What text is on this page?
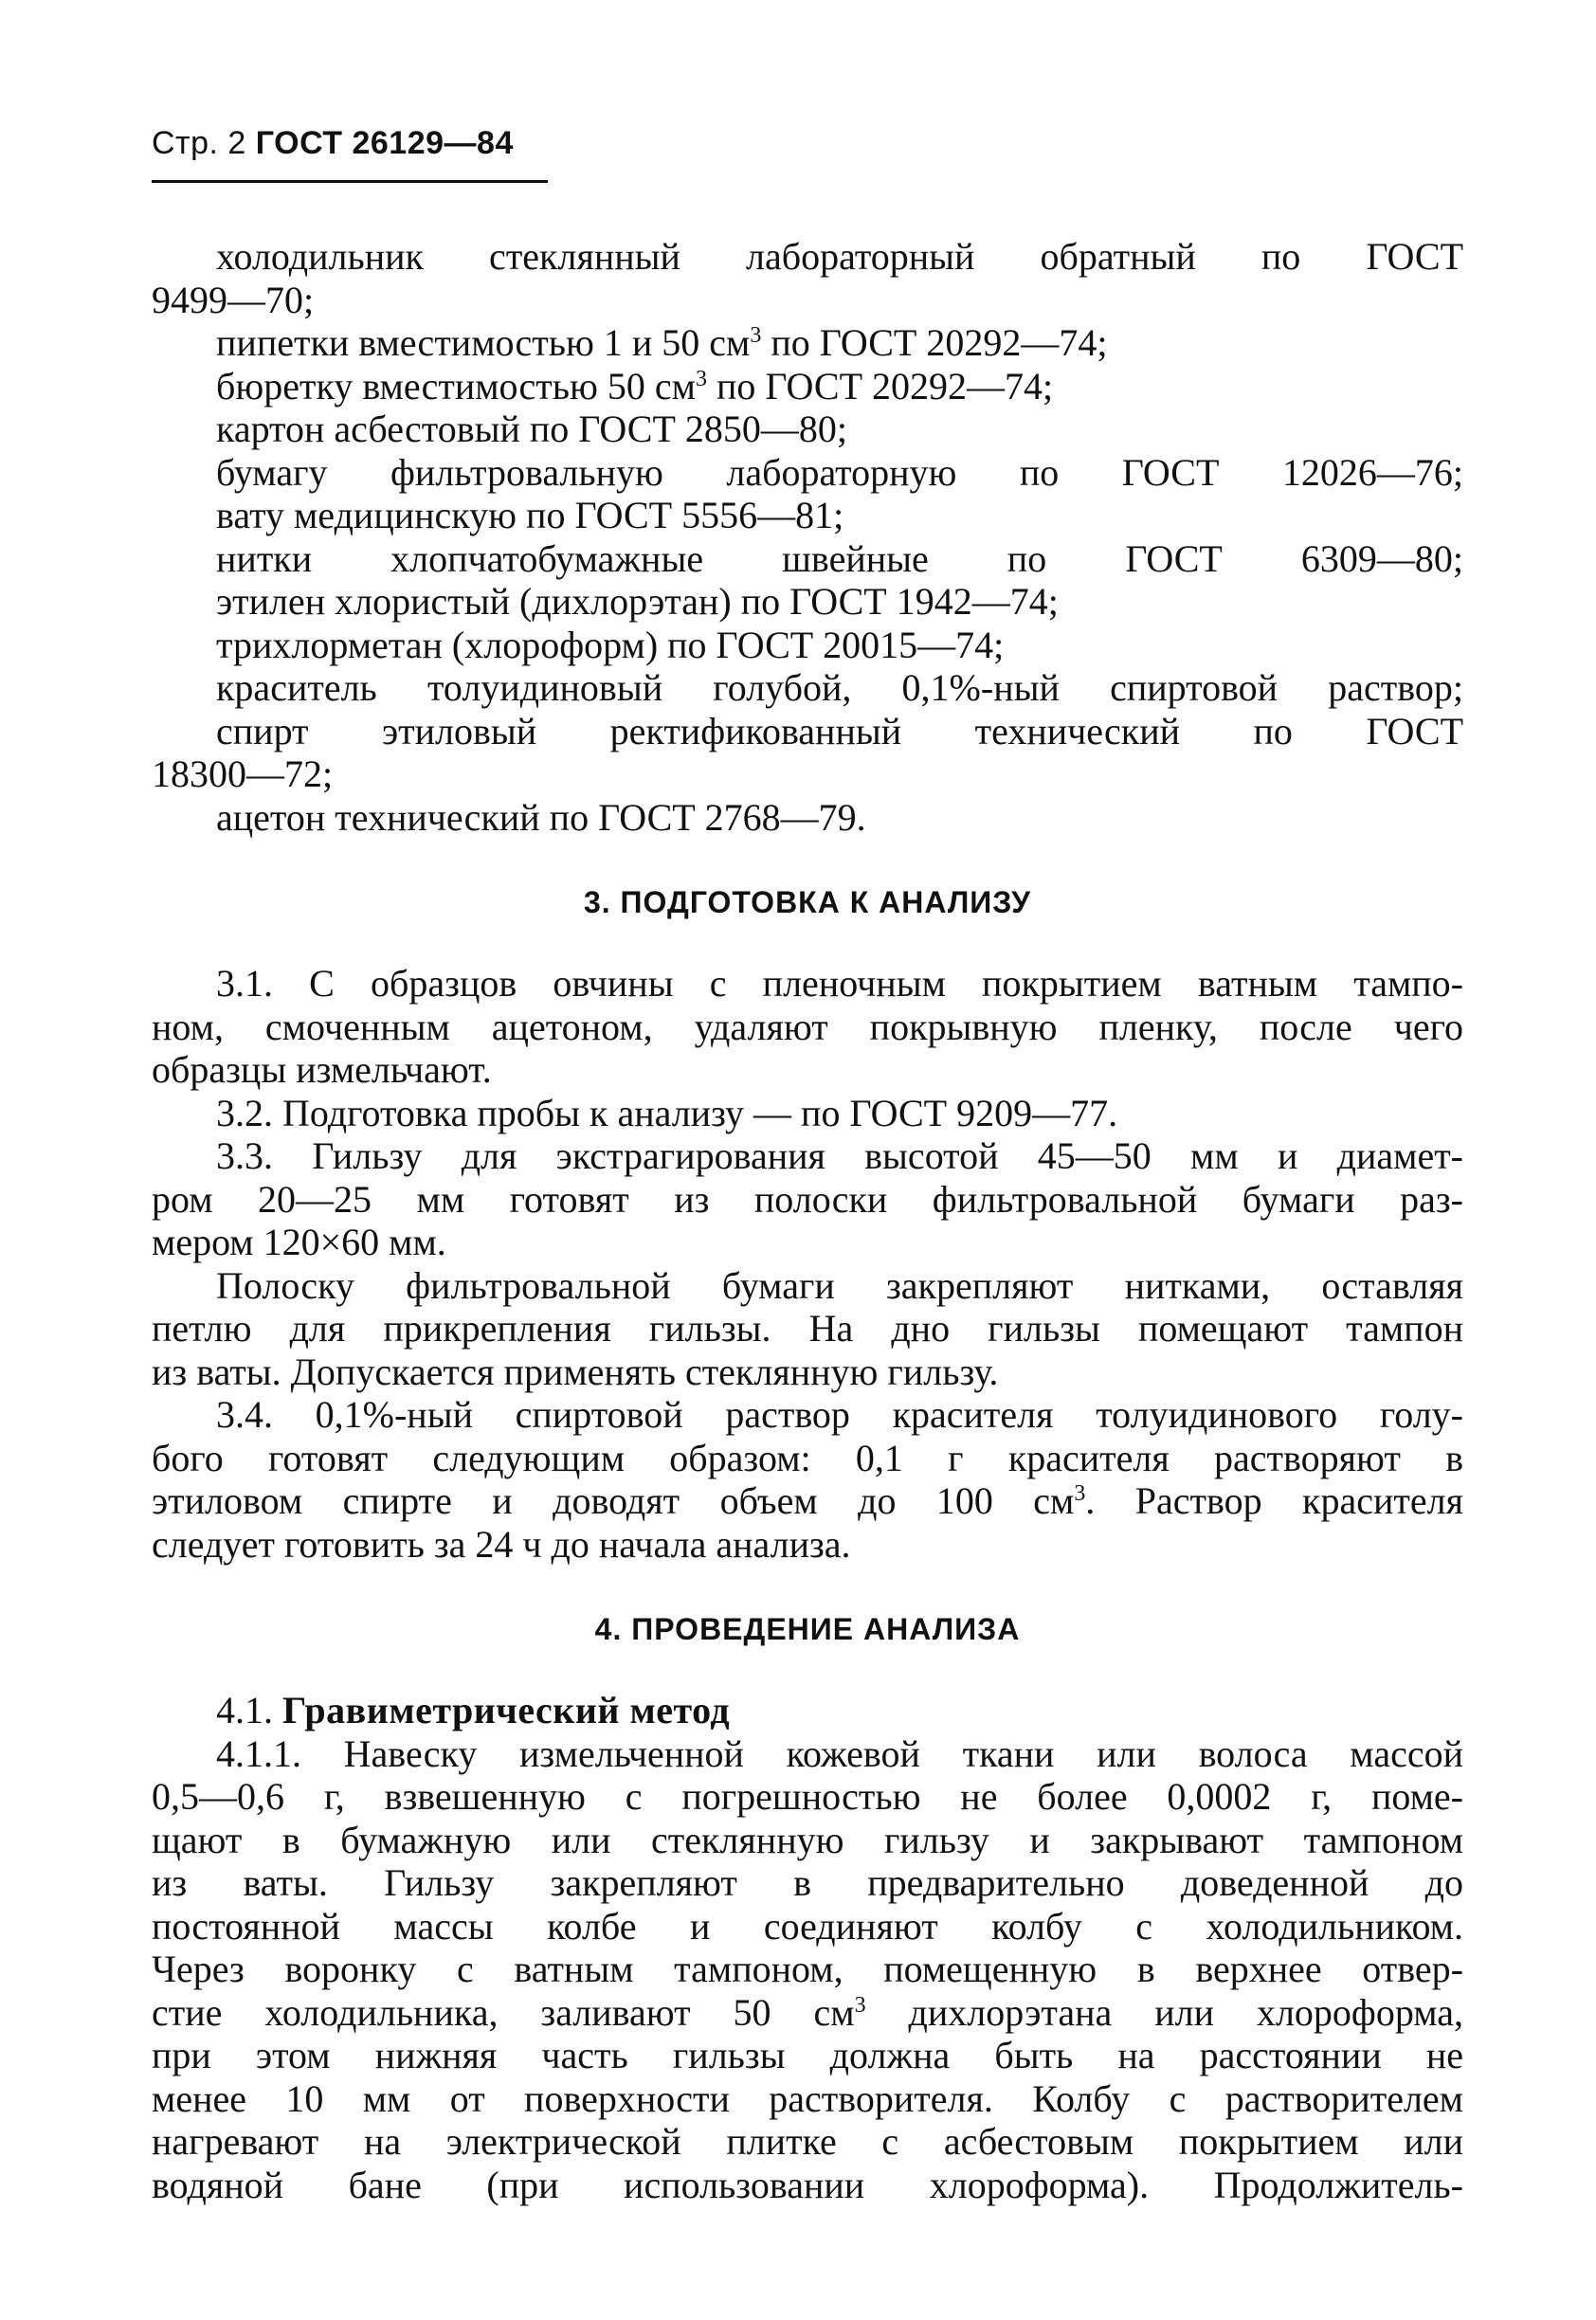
Стр. 2 ГОСТ 26129—84
холодильник стеклянный лабораторный обратный по ГОСТ
9499—70;
пипетки вместимостью 1 и 50 $см^3$ по ГОСТ 20292—74;
бюретку вместимостью 50 $см^3$ по ГОСТ 20292—74;
картон асбестовый по ГОСТ 2850—80;
бумагу фильтровальную лабораторную по ГОСТ 12026—76;
вату медицинскую по ГОСТ 5556—81;
нитки хлопчатобумажные швейные по ГОСТ 6309—80;
этилен хлористый (дихлорэтан) по ГОСТ 1942—74;
трихлорметан (хлороформ) по ГОСТ 20015—74;
краситель толуидиновый голубой, 0,1%-ный спиртовой раствор;
спирт этиловый ректификованный технический по ГОСТ
18300—72;
ацетон технический по ГОСТ 2768—79.
3. ПОДГОТОВКА К АНАЛИЗУ
3.1. С образцов овчины с пленочным покрытием ватным тампо-
ном, смоченным ацетоном, удаляют покрывную пленку, после чего
образцы измельчают.
3.2. Подготовка пробы к анализу — по ГОСТ 9209—77.
3.3. Гильзу для экстрагирования высотой 45—50 мм и диамет-
ром 20—25 мм готовят из полоски фильтровальной бумаги раз-
мером 120×60 мм.
Полоску фильтровальной бумаги закрепляют нитками, оставляя
петлю для прикрепления гильзы. На дно гильзы помещают тампон
из ваты. Допускается применять стеклянную гильзу.
3.4. 0,1%-ный спиртовой раствор красителя толуидинового голу-
бого готовят следующим образом: 0,1 г красителя растворяют в
этиловом спирте и доводят объем до 100 $см^3$. Раствор красителя
следует готовить за 24 ч до начала анализа.
4. ПРОВЕДЕНИЕ АНАЛИЗА
4.1. Гравиметрический метод
4.1.1. Навеску измельченной кожевой ткани или волоса массой
0,5—0,6 г, взвешенную с погрешностью не более 0,0002 г, поме-
щают в бумажную или стеклянную гильзу и закрывают тампоном
из ваты. Гильзу закрепляют в предварительно доведенной до
постоянной массы колбе и соединяют колбу с холодильником.
Через воронку с ватным тампоном, помещенную в верхнее отвер-
стие холодильника, заливают 50 $см^3$ дихлорэтана или хлороформа,
при этом нижняя часть гильзы должна быть на расстоянии не
менее 10 мм от поверхности растворителя. Колбу с растворителем
нагревают на электрической плитке с асбестовым покрытием или
водяной бане (при использовании хлороформа). Продолжитель-
